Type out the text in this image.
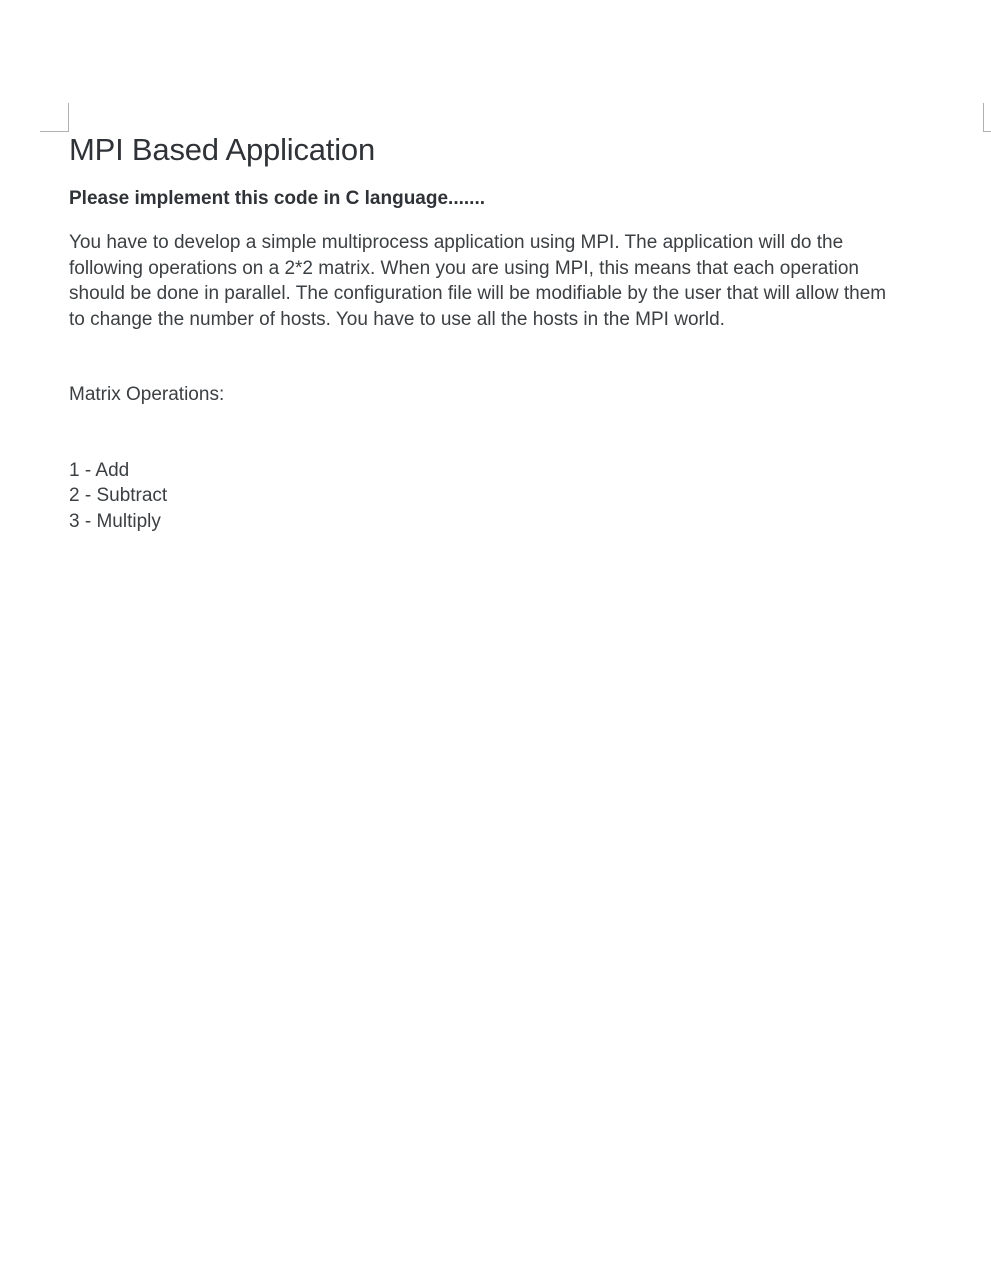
MPI Based Application

Please implement this code in C language.......

You have to develop a simple multiprocess application using MPI. The application will do the
following operations on a 2*2 matrix. When you are using MPI, this means that each operation
should be done in parallel. The configuration file will be modifiable by the user that will allow them
to change the number of hosts. You have to use all the hosts in the MPI world.

Matrix Operations:

1 - Add
2 - Subtract
3 - Multiply
